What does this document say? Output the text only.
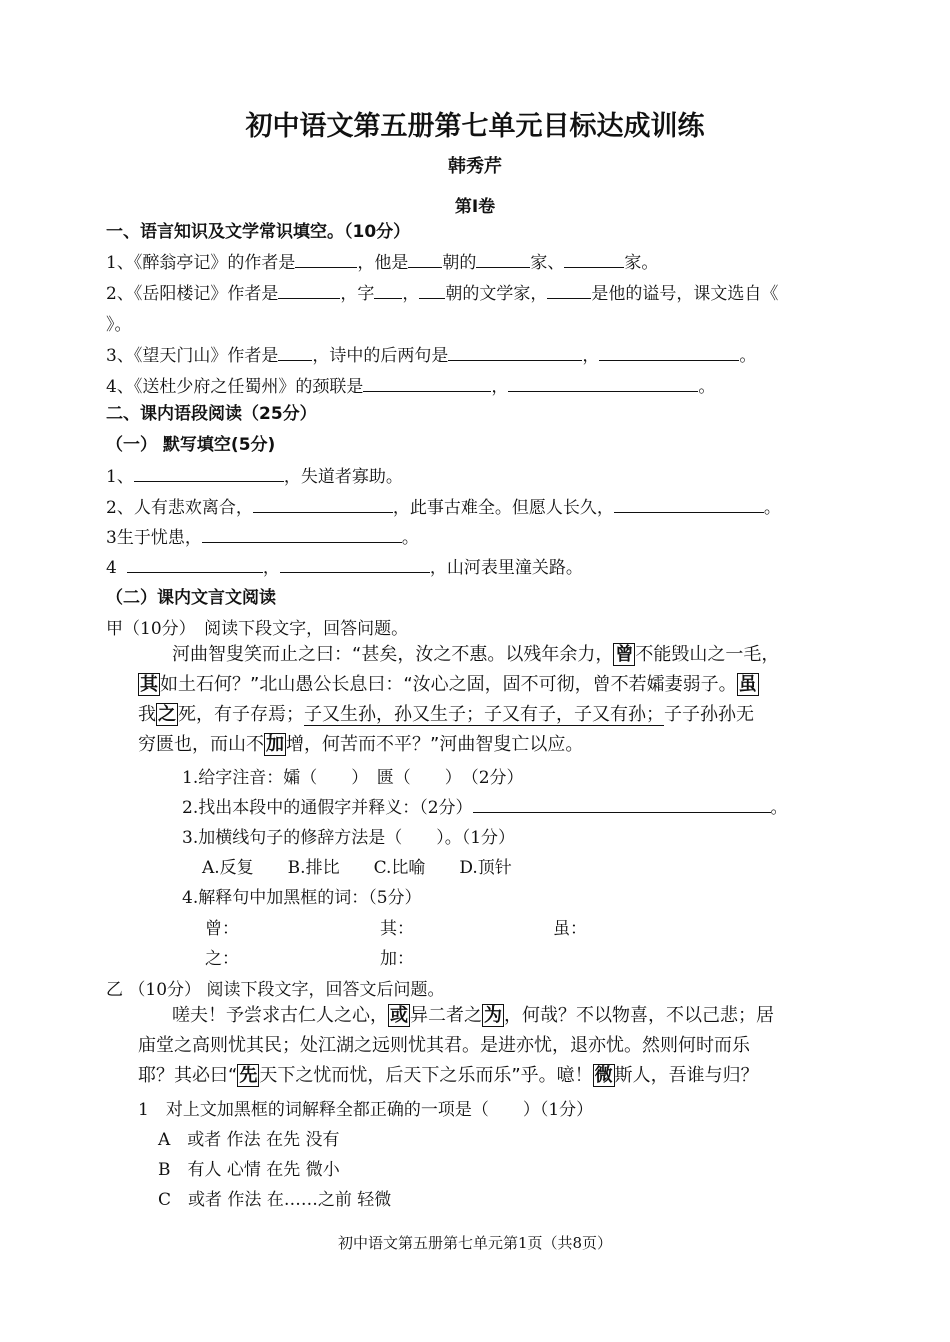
初中语文第五册第七单元目标达成训练
韩秀芹
第Ⅰ卷
一、语言知识及文学常识填空。（10分）
1、《醉翁亭记》的作者是	，他是 朝的	家、	家。
2、《岳阳楼记》作者是	，字 ， 朝的文学家，	是他的谥号，课文选自《
》。
3、《望天门山》作者是 ，诗中的后两句是	，	。
4、《送杜少府之任蜀州》的颈联是	，	。
二、课内语段阅读（25分）
（一） 默写填空(5分)
1、	，失道者寡助。
2、人有悲欢离合，	，此事古难全。但愿人长久，	。
3生于忧患，	。
4	，	，山河表里潼关路。
（二）课内文言文阅读
甲（10分）　阅读下段文字，回答问题。
河曲智叟笑而止之曰：“甚矣，汝之不惠。以残年余力， 曾 不能毁山之一毛，
其 如土石何？”北山愚公长息曰：“汝心之固，固不可彻，曾不若孀妻弱子。 虽
我 之 死，有子存焉；子又生孙，孙又生子；子又有子，子又有孙；子子孙孙无
穷匮也，而山不 加 增，何苦而不平？”河曲智叟亡以应。
1.给字注音：孀（　　）　匮（　　）　（2分）
2.找出本段中的通假字并释义：（2分）	。
3.加横线句子的修辞方法是（　　）。（1分）
A.反复　　B.排比　　C.比喻　　D.顶针
4.解释句中加黑框的词：（5分）
曾：	其：	虽：
之：	加：
乙 （10分） 阅读下段文字，回答文后问题。
嗟夫！予尝求古仁人之心， 或 异二者之 为 ，何哉？不以物喜，不以己悲；居
庙堂之高则忧其民；处江湖之远则忧其君。是进亦忧，退亦忧。然则何时而乐
耶？其必曰“ 先 天下之忧而忧，后天下之乐而乐”乎。噫！ 微 斯人，吾谁与归？
1　对上文加黑框的词解释全都正确的一项是（　　）（1分）
A　或者 作法 在先 没有
B　有人 心情 在先 微小
C　或者 作法 在……之前 轻微
初中语文第五册第七单元第1页（共8页）
